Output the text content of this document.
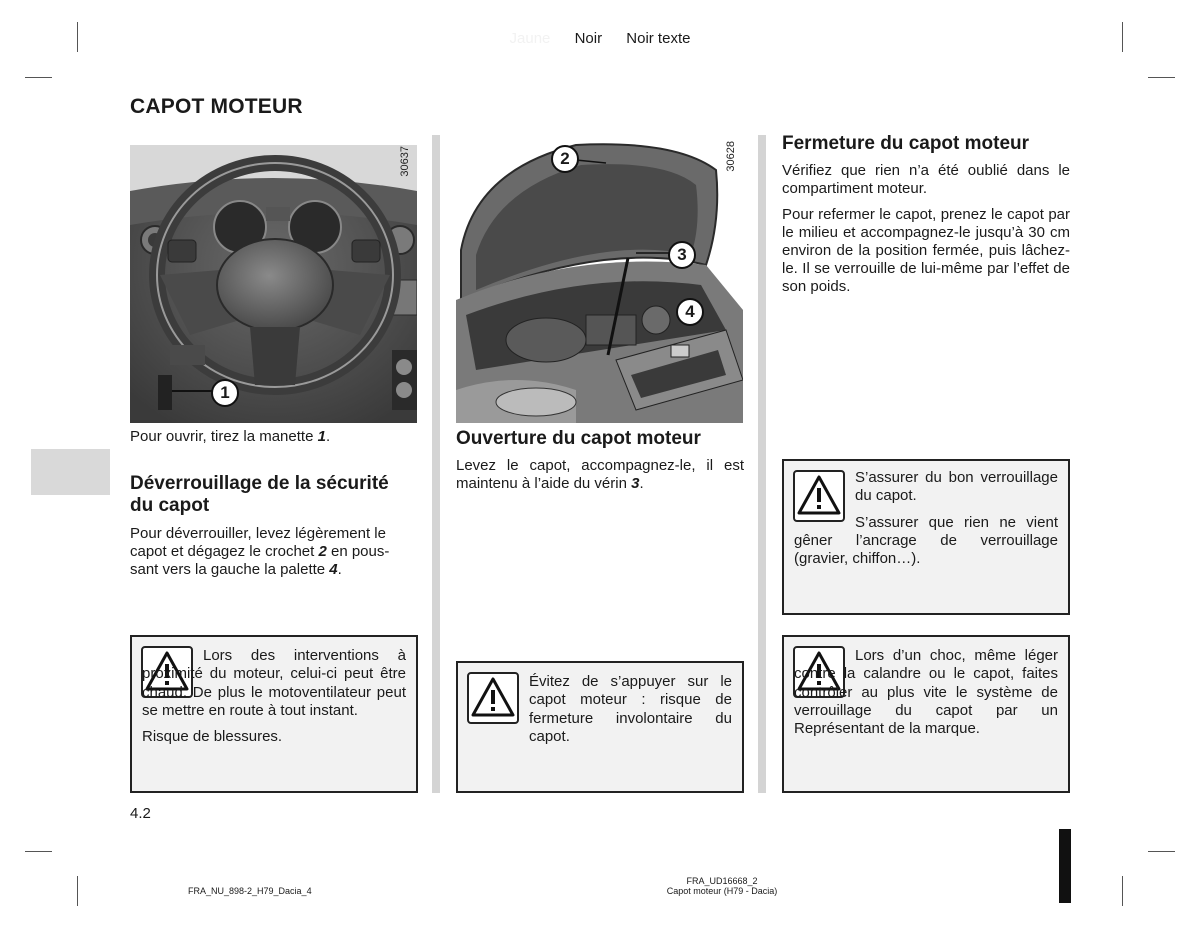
Jaune Noir Noir texte
CAPOT MOTEUR
1
30637	2
3
4
30628
Pour ouvrir, tirez la manette 1.
Déverrouillage de la sécurité
du capot
Pour déverrouiller, levez légèrement le
capot et dégagez le crochet 2 en pous-
sant vers la gauche la palette 4.

Lors des interventions à proximité du moteur, celui-ci peut être chaud. De plus le motoventilateur peut se mettre en route à tout instant.

Risque de blessures.

Ouverture du capot moteur
Levez le capot, accompagnez-le, il est maintenu à l’aide du vérin 3.

Évitez de s’appuyer sur le capot moteur : risque de fermeture involontaire du capot.

Fermeture du capot moteur

Vérifiez que rien n’a été oublié dans le compartiment moteur.

Pour refermer le capot, prenez le capot par le milieu et accompagnez-le jusqu’à 30 cm environ de la position fermée, puis lâchez-le. Il se verrouille de lui-même par l’effet de son poids.

S’assurer du bon verrouillage du capot.

S’assurer que rien ne vient gêner l’ancrage de verrouillage (gravier, chiffon…).

Lors d’un choc, même léger contre la calandre ou le capot, faites contrôler au plus vite le système de verrouillage du capot par un Représentant de la marque.

4.2
FRA_NU_898-2_H79_Dacia_4
FRA_UD16668_2
Capot moteur (H79 - Dacia)
